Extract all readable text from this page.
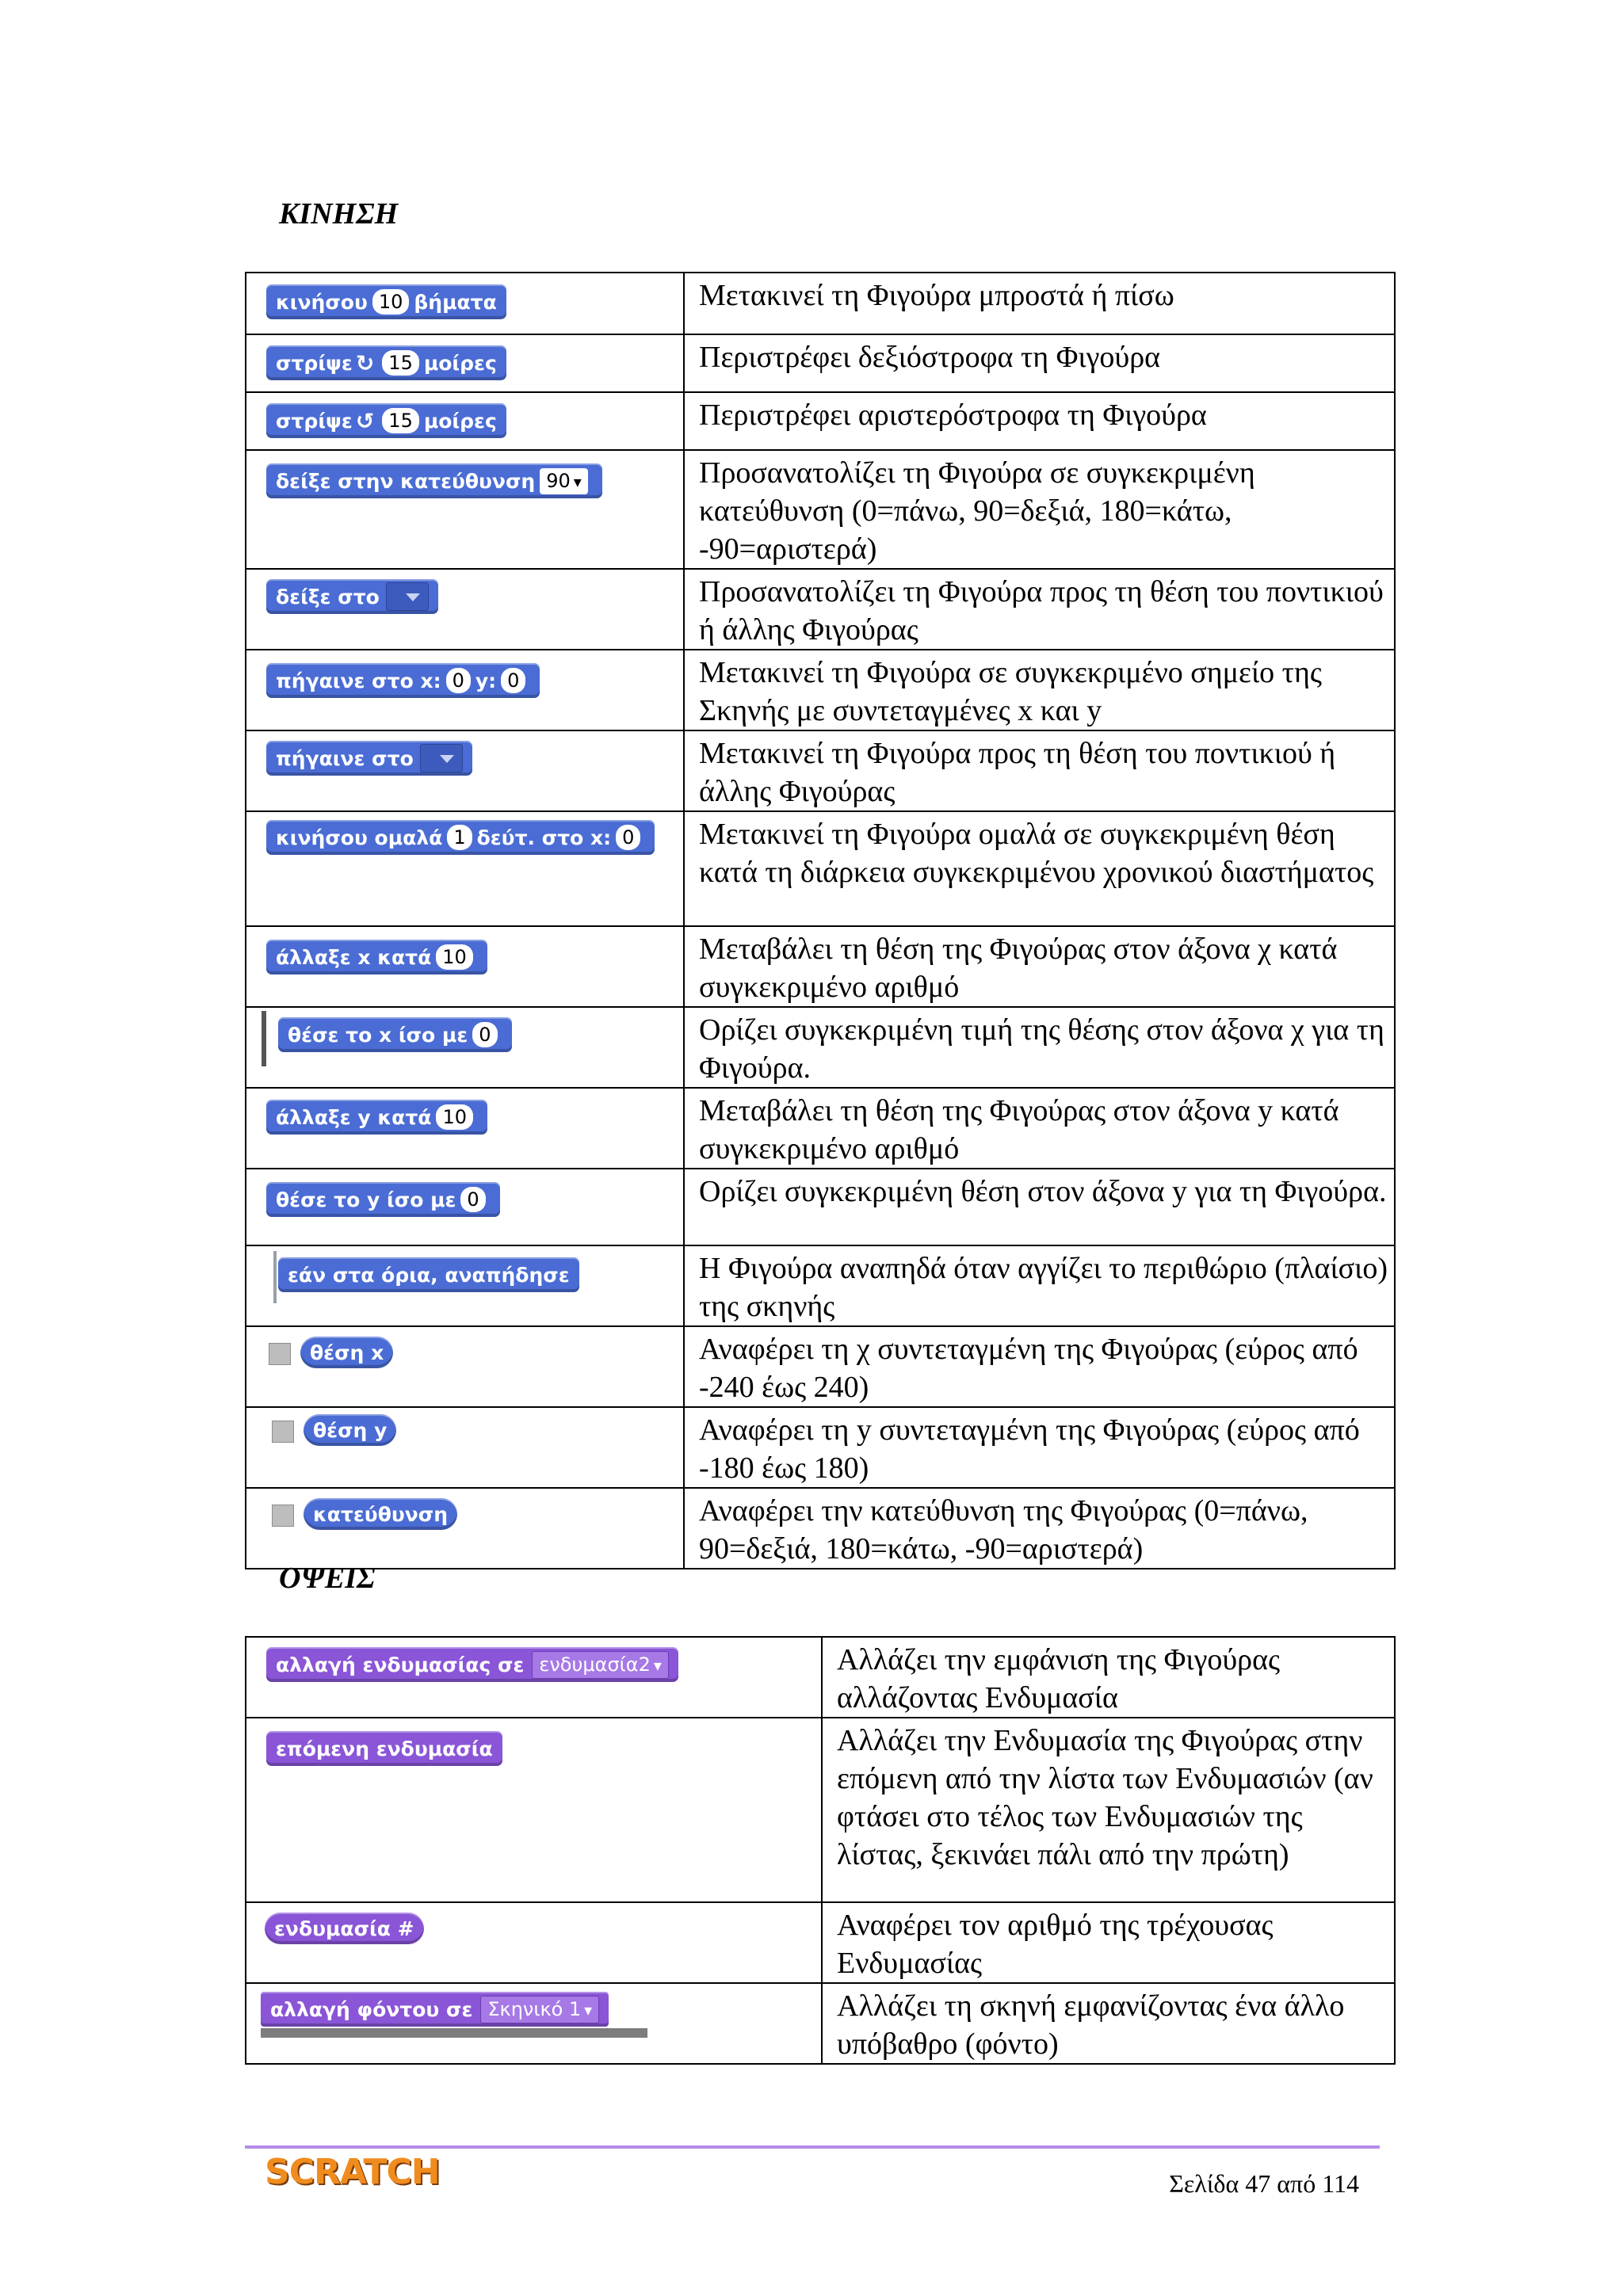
ΚΙΝΗΣΗ
κινήσου 10 βήματα	Μετακινεί τη Φιγούρα μπροστά ή πίσω

στρίψε ↻ 15 μοίρες	Περιστρέφει δεξιόστροφα τη Φιγούρα

στρίψε ↺ 15 μοίρες	Περιστρέφει αριστερόστροφα τη Φιγούρα

δείξε στην κατεύθυνση 90 ▾	Προσανατολίζει τη Φιγούρα σε συγκεκριμένη κατεύθυνση (0=πάνω, 90=δεξιά, 180=κάτω, -90=αριστερά)

δείξε στο	Προσανατολίζει τη Φιγούρα προς τη θέση του ποντικιού ή άλλης Φιγούρας

πήγαινε στο x: 0 y: 0	Μετακινεί τη Φιγούρα σε συγκεκριμένο σημείο της Σκηνής με συντεταγμένες x και y

πήγαινε στο	Μετακινεί τη Φιγούρα προς τη θέση του ποντικιού ή άλλης Φιγούρας

κινήσου ομαλά 1 δεύτ. στο x: 0	Μετακινεί τη Φιγούρα ομαλά σε συγκεκριμένη θέση κατά τη διάρκεια συγκεκριμένου χρονικού διαστήματος

άλλαξε x κατά 10	Μεταβάλει τη θέση της Φιγούρας στον άξονα χ κατά συγκεκριμένο αριθμό

θέσε το x ίσο με 0	Ορίζει συγκεκριμένη τιμή της θέσης στον άξονα χ για τη Φιγούρα.

άλλαξε y κατά 10	Μεταβάλει τη θέση της Φιγούρας στον άξονα y κατά συγκεκριμένο αριθμό

θέσε το y ίσο με 0	Ορίζει συγκεκριμένη θέση στον άξονα y για τη Φιγούρα.

εάν στα όρια, αναπήδησε	Η Φιγούρα αναπηδά όταν αγγίζει το περιθώριο (πλαίσιο) της σκηνής

θέση x	Αναφέρει τη χ συντεταγμένη της Φιγούρας (εύρος από -240 έως 240)

θέση y	Αναφέρει τη y συντεταγμένη της Φιγούρας (εύρος από -180 έως 180)

κατεύθυνση	Αναφέρει την κατεύθυνση της Φιγούρας (0=πάνω, 90=δεξιά, 180=κάτω, -90=αριστερά)
ΟΨΕΙΣ
αλλαγή ενδυμασίας σε ενδυμασία2 ▾	Αλλάζει την εμφάνιση της Φιγούρας αλλάζοντας Ενδυμασία

επόμενη ενδυμασία	Αλλάζει την Ενδυμασία της Φιγούρας στην επόμενη από την λίστα των Ενδυμασιών (αν φτάσει στο τέλος των Ενδυμασιών της λίστας, ξεκινάει πάλι από την πρώτη)

ενδυμασία #	Αναφέρει τον αριθμό της τρέχουσας Ενδυμασίας

αλλαγή φόντου σε Σκηνικό 1 ▾	Αλλάζει τη σκηνή εμφανίζοντας ένα άλλο υπόβαθρο (φόντο)
SCRATCH	Σελίδα 47 από 114
